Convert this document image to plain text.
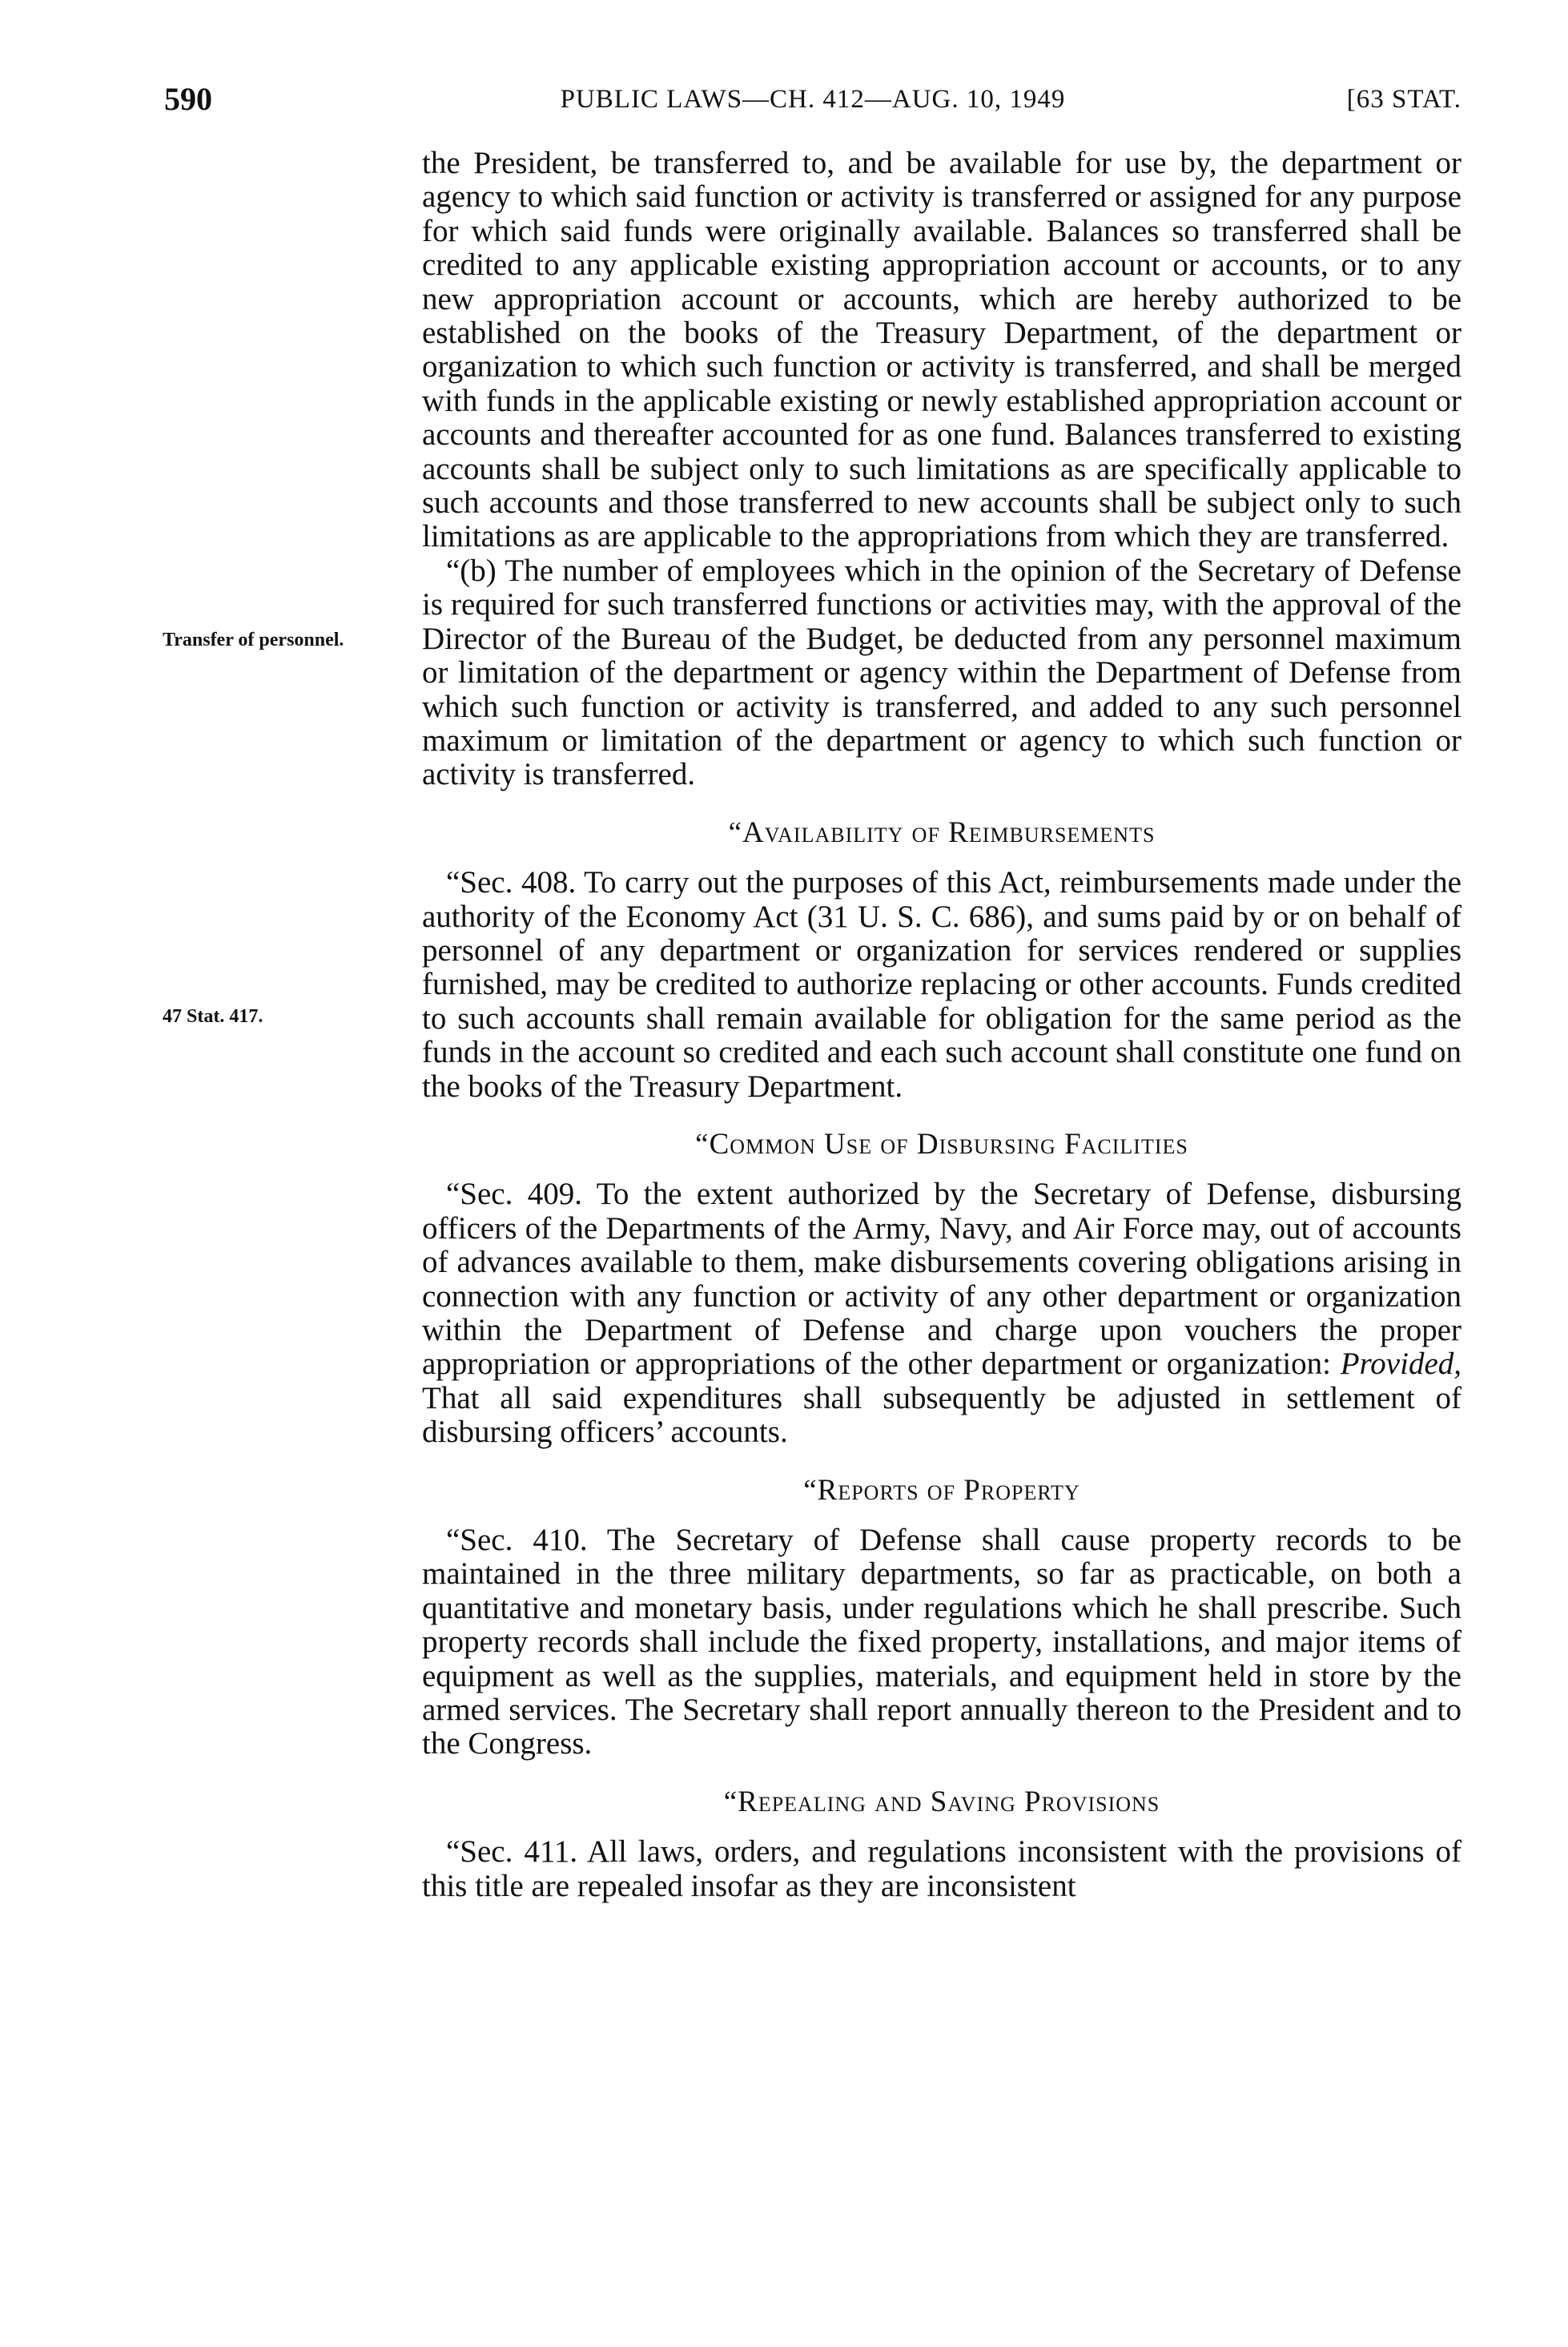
590	PUBLIC LAWS—CH. 412—AUG. 10, 1949	[63 STAT.
Transfer of personnel.
47 Stat. 417.

the President, be transferred to, and be available for use by, the department or agency to which said function or activity is transferred or assigned for any purpose for which said funds were originally available. Balances so transferred shall be credited to any applicable existing appropriation account or accounts, or to any new appropriation account or accounts, which are hereby authorized to be established on the books of the Treasury Department, of the department or organization to which such function or activity is transferred, and shall be merged with funds in the applicable existing or newly established appropriation account or accounts and thereafter accounted for as one fund. Balances transferred to existing accounts shall be subject only to such limitations as are specifically applicable to such accounts and those transferred to new accounts shall be subject only to such limitations as are applicable to the appropriations from which they are transferred.

“(b) The number of employees which in the opinion of the Secretary of Defense is required for such transferred functions or activities may, with the approval of the Director of the Bureau of the Budget, be deducted from any personnel maximum or limitation of the department or agency within the Department of Defense from which such function or activity is transferred, and added to any such personnel maximum or limitation of the department or agency to which such function or activity is transferred.

“Availability of Reimbursements

“Sec. 408. To carry out the purposes of this Act, reimbursements made under the authority of the Economy Act (31 U. S. C. 686), and sums paid by or on behalf of personnel of any department or organization for services rendered or supplies furnished, may be credited to authorize replacing or other accounts. Funds credited to such accounts shall remain available for obligation for the same period as the funds in the account so credited and each such account shall constitute one fund on the books of the Treasury Department.

“Common Use of Disbursing Facilities

“Sec. 409. To the extent authorized by the Secretary of Defense, disbursing officers of the Departments of the Army, Navy, and Air Force may, out of accounts of advances available to them, make disbursements covering obligations arising in connection with any function or activity of any other department or organization within the Department of Defense and charge upon vouchers the proper appropriation or appropriations of the other department or organization: Provided, That all said expenditures shall subsequently be adjusted in settlement of disbursing officers’ accounts.

“Reports of Property

“Sec. 410. The Secretary of Defense shall cause property records to be maintained in the three military departments, so far as practicable, on both a quantitative and monetary basis, under regulations which he shall prescribe. Such property records shall include the fixed property, installations, and major items of equipment as well as the supplies, materials, and equipment held in store by the armed services. The Secretary shall report annually thereon to the President and to the Congress.

“Repealing and Saving Provisions

“Sec. 411. All laws, orders, and regulations inconsistent with the provisions of this title are repealed insofar as they are inconsistent
